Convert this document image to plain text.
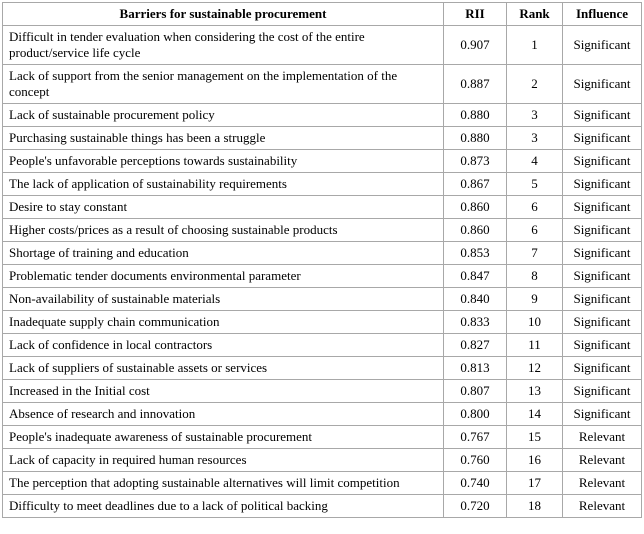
Barriers for sustainable procurement	RII	Rank	Influence
Difficult in tender evaluation when considering the cost of the entire product/service life cycle	0.907	1	Significant
Lack of support from the senior management on the implementation of the concept	0.887	2	Significant
Lack of sustainable procurement policy	0.880	3	Significant
Purchasing sustainable things has been a struggle	0.880	3	Significant
People's unfavorable perceptions towards sustainability	0.873	4	Significant
The lack of application of sustainability requirements	0.867	5	Significant
Desire to stay constant	0.860	6	Significant
Higher costs/prices as a result of choosing sustainable products	0.860	6	Significant
Shortage of training and education	0.853	7	Significant
Problematic tender documents environmental parameter	0.847	8	Significant
Non-availability of sustainable materials	0.840	9	Significant
Inadequate supply chain communication	0.833	10	Significant
Lack of confidence in local contractors	0.827	11	Significant
Lack of suppliers of sustainable assets or services	0.813	12	Significant
Increased in the Initial cost	0.807	13	Significant
Absence of research and innovation	0.800	14	Significant
People's inadequate awareness of sustainable procurement	0.767	15	Relevant
Lack of capacity in required human resources	0.760	16	Relevant
The perception that adopting sustainable alternatives will limit competition	0.740	17	Relevant
Difficulty to meet deadlines due to a lack of political backing	0.720	18	Relevant
